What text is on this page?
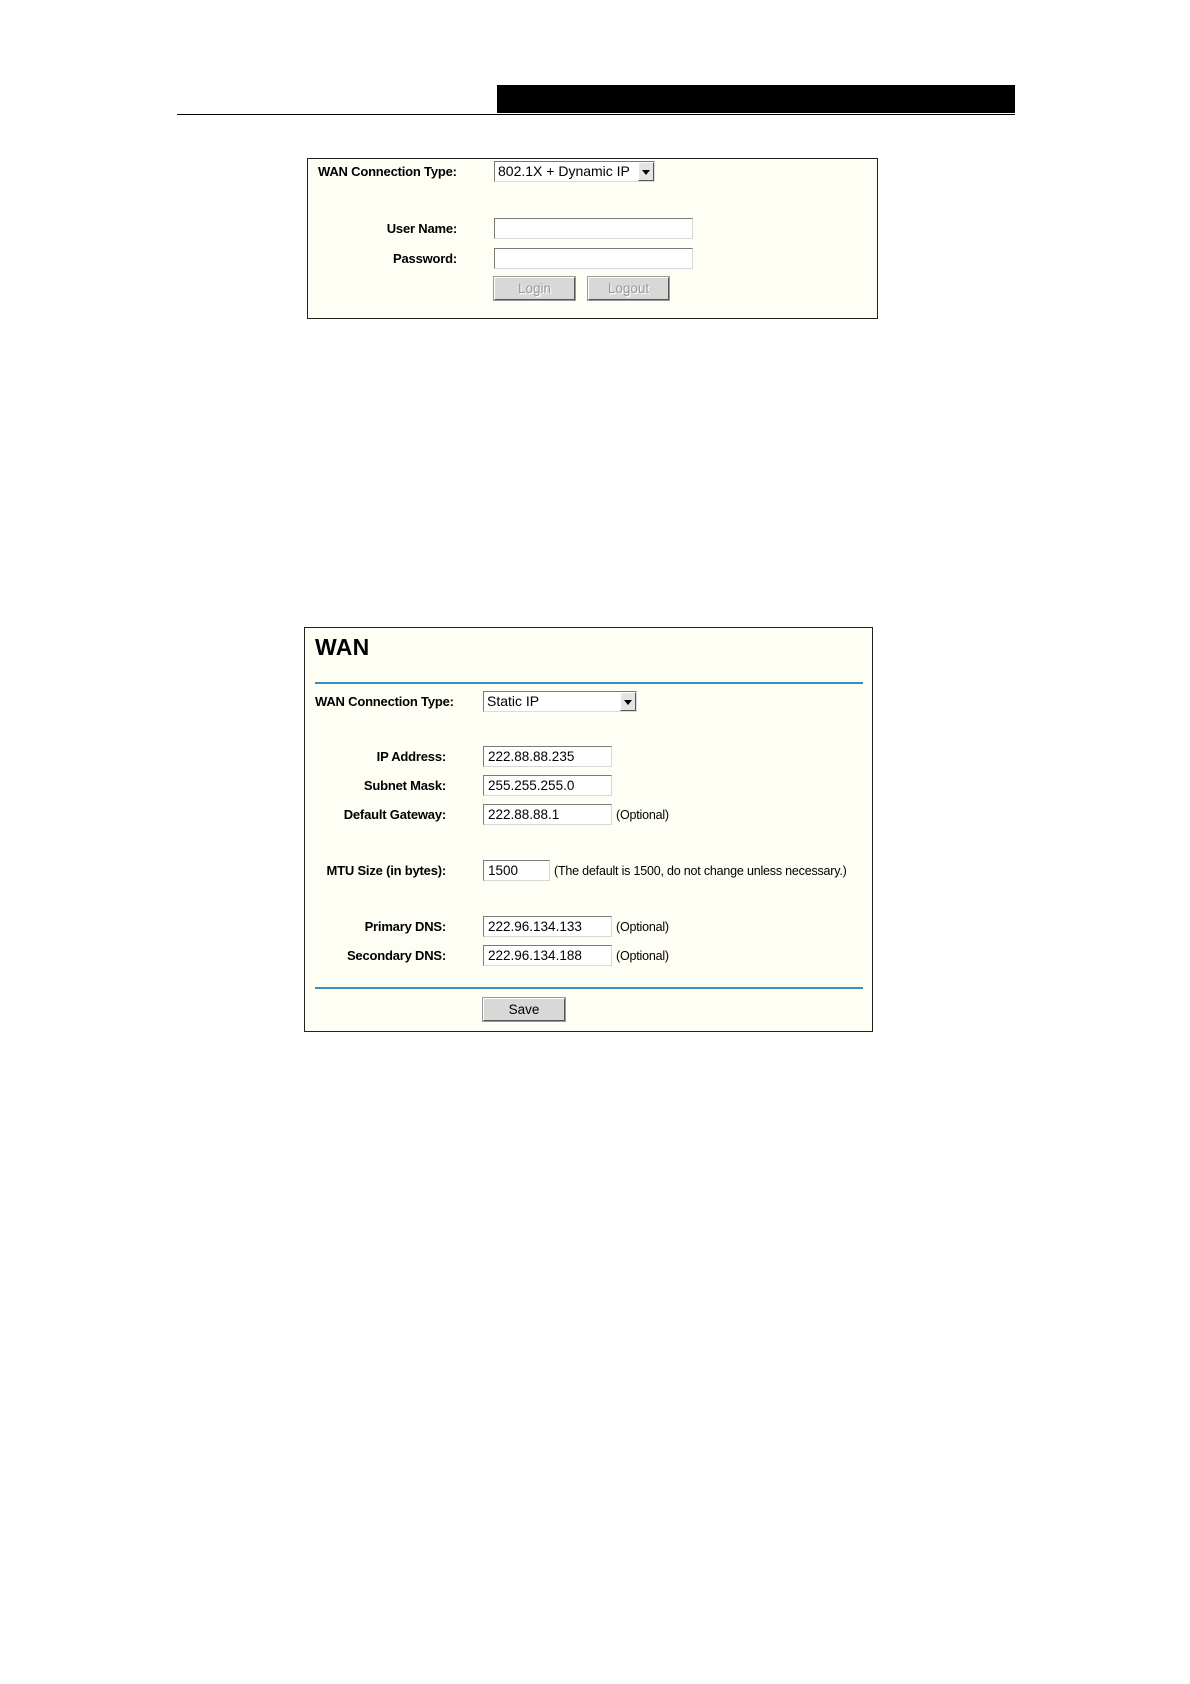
WAN Connection Type:	802.1X + Dynamic IP
User Name:
Password:
Login	Logout
WAN
WAN Connection Type: Static IP
IP Address:	222.88.88.235
Subnet Mask:	255.255.255.0
Default Gateway:	222.88.88.1	(Optional)
MTU Size (in bytes):	1500	(The default is 1500, do not change unless necessary.)
Primary DNS:	222.96.134.133	(Optional)
Secondary DNS:	222.96.134.188	(Optional)
Save
